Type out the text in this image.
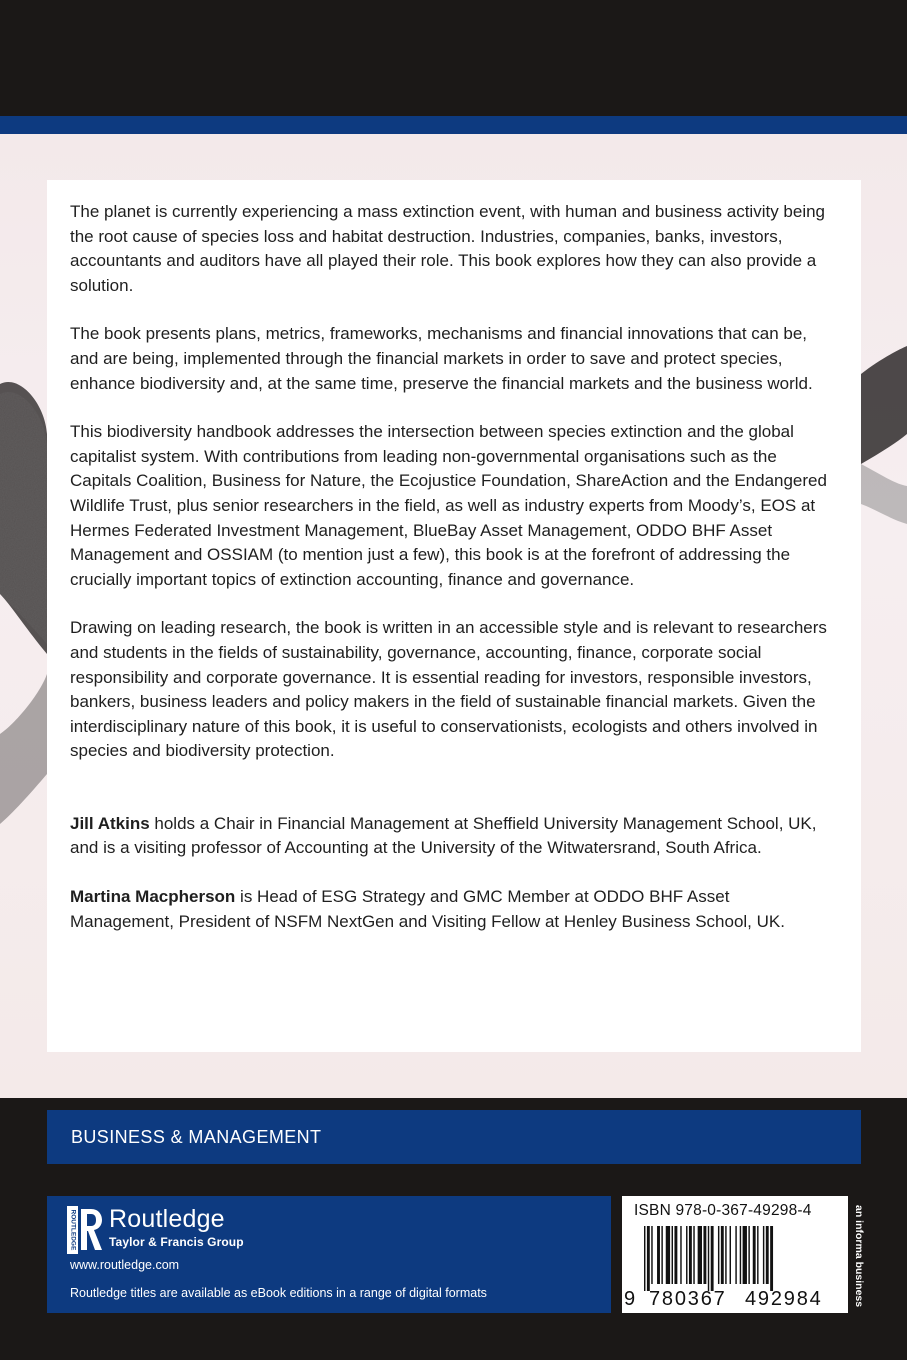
The planet is currently experiencing a mass extinction event, with human and business activity being the root cause of species loss and habitat destruction. Industries, companies, banks, investors, accountants and auditors have all played their role. This book explores how they can also provide a solution.

The book presents plans, metrics, frameworks, mechanisms and financial innovations that can be, and are being, implemented through the financial markets in order to save and protect species, enhance biodiversity and, at the same time, preserve the financial markets and the business world.

This biodiversity handbook addresses the intersection between species extinction and the global capitalist system. With contributions from leading non-governmental organisations such as the Capitals Coalition, Business for Nature, the Ecojustice Foundation, ShareAction and the Endangered Wildlife Trust, plus senior researchers in the field, as well as industry experts from Moody’s, EOS at Hermes Federated Investment Management, BlueBay Asset Management, ODDO BHF Asset Management and OSSIAM (to mention just a few), this book is at the forefront of addressing the crucially important topics of extinction accounting, finance and governance.

Drawing on leading research, the book is written in an accessible style and is relevant to researchers and students in the fields of sustainability, governance, accounting, finance, corporate social responsibility and corporate governance. It is essential reading for investors, responsible investors, bankers, business leaders and policy makers in the field of sustainable financial markets. Given the interdisciplinary nature of this book, it is useful to conservationists, ecologists and others involved in species and biodiversity protection.

Jill Atkins holds a Chair in Financial Management at Sheffield University Management School, UK, and is a visiting professor of Accounting at the University of the Witwatersrand, South Africa.

Martina Macpherson is Head of ESG Strategy and GMC Member at ODDO BHF Asset Management, President of NSFM NextGen and Visiting Fellow at Henley Business School, UK.

BUSINESS & MANAGEMENT
ROUTLEDGE Routledge
Taylor & Francis Group
www.routledge.com
Routledge titles are available as eBook editions in a range of digital formats
ISBN 978-0-367-49298-4
9 780367 492984	an informa business
